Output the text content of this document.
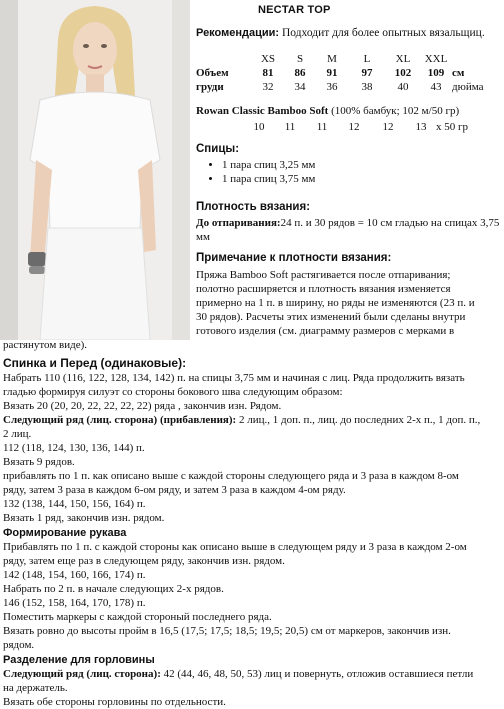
NECTAR TOP
Рекомендации: Подходит для более опытных вязальщиц.
	XS	S	M	L	XL	XXL	
Объем	81	86	91	97	102	109	см
груди	32	34	36	38	40	43	дюйма
Rowan Classic Bamboo Soft (100% бамбук; 102 м/50 гр)
	10	11	11	12	12	13	x 50 гр
Спицы:
• 1 пара спиц 3,25 мм
• 1 пара спиц 3,75 мм
Плотность вязания:
До отпаривания:24 п. и 30 рядов = 10 см гладью на спицах 3,75 мм
Примечание к плотности вязания:
Пряжа Bamboo Soft растягивается после отпаривания;
полотно расширяется и плотность вязания изменяется
примерно на 1 п. в ширину, но ряды не изменяются (23 п. и
30 рядов). Расчеты этих изменений были сделаны внутри
готового изделия (см. диаграмму размеров с мерками в
растянутом виде).
Спинка и Перед (одинаковые):

Набрать 110 (116, 122, 128, 134, 142) п. на спицы 3,75 мм и начиная с лиц. Ряда продолжить вязать

гладью формируя силуэт со стороны бокового шва следующим образом:

Вязать 20 (20, 20, 22, 22, 22, 22) ряда , закончив изн. Рядом.

Следующий ряд (лиц. сторона) (прибавления): 2 лиц., 1 доп. п., лиц. до последних 2-х п., 1 доп. п.,

2 лиц.

112 (118, 124, 130, 136, 144) п.

Вязать 9 рядов.

прибавлять по 1 п. как описано выше с каждой стороны следующего ряда и 3 раза в каждом 8-ом

ряду, затем 3 раза в каждом 6-ом ряду, и затем 3 раза в каждом 4-ом ряду.

132 (138, 144, 150, 156, 164) п.

Вязать 1 ряд, закончив изн. рядом.

Формирование рукава

Прибавлять по 1 п. с каждой стороны как описано выше в следующем ряду и 3 раза в каждом 2-ом

ряду, затем еще раз в следующем ряду, закончив изн. рядом.

142 (148, 154, 160, 166, 174) п.

Набрать по 2 п. в начале следующих 2-х рядов.

146 (152, 158, 164, 170, 178) п.

Поместить маркеры с каждой стороный последнего ряда.

Вязать ровно до высоты пройм в 16,5 (17,5; 17,5; 18,5; 19,5; 20,5) см от маркеров, закончив изн.

рядом.

Разделение для горловины

Следующий ряд (лиц. сторона): 42 (44, 46, 48, 50, 53) лиц и повернуть, отложив оставшиеся петли

на держатель.

Вязать обе стороны горловины по отдельности.
